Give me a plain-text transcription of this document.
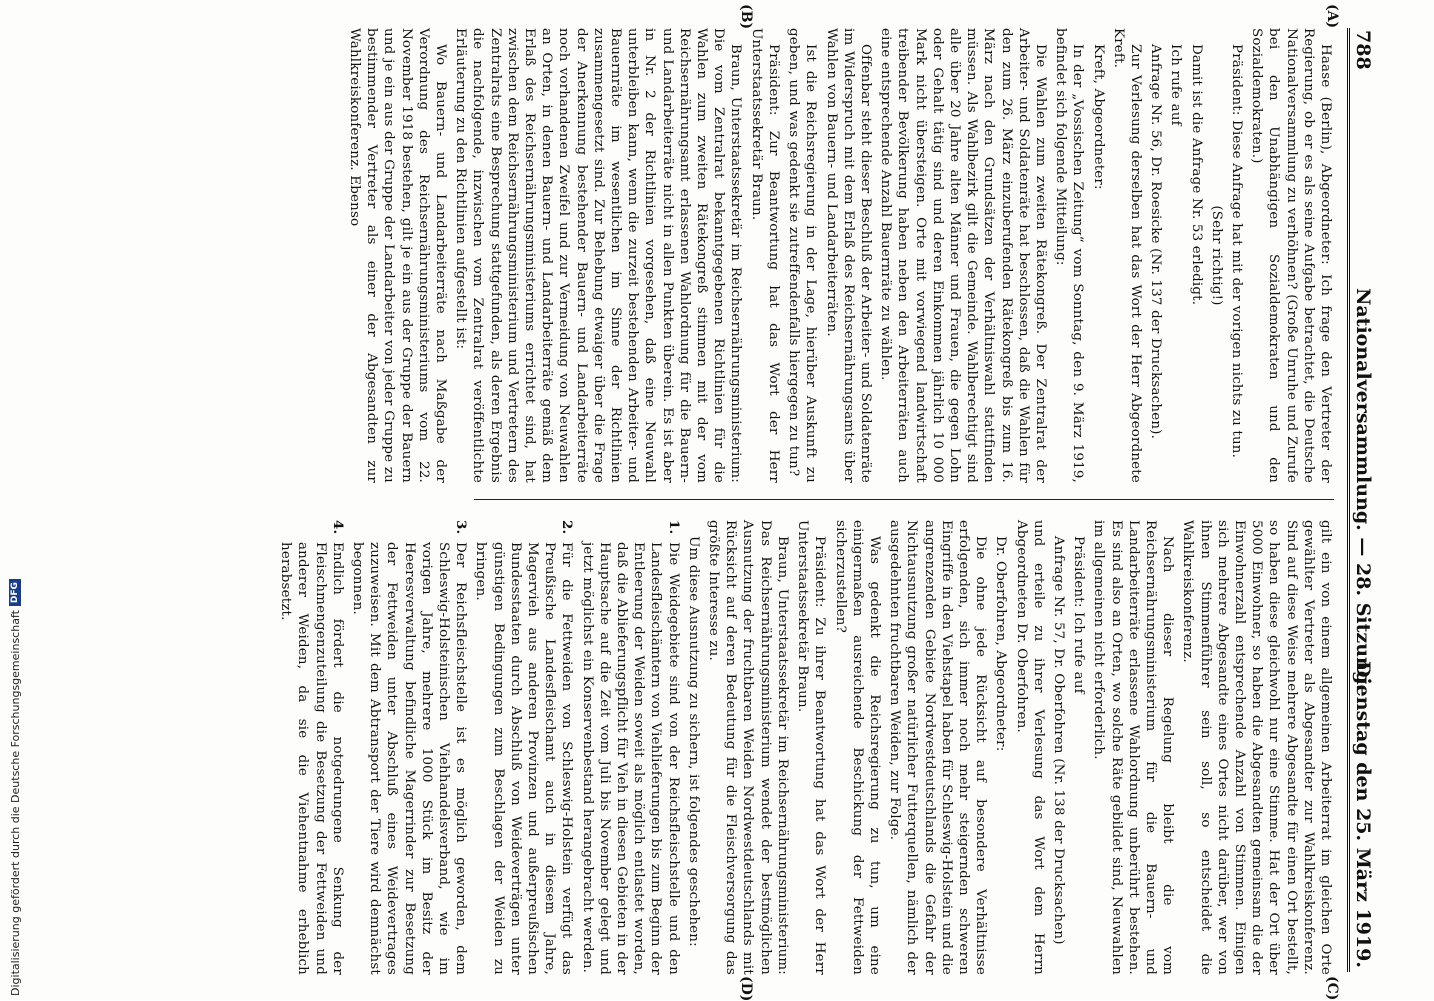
788
Nationalversammlung. — 28. Sitzung.
Dienstag den 25. März 1919.
(A)
(B)
(C)
(D)

Haase (Berlin), Abgeordneter: Ich frage den Vertreter der Regierung, ob er es als seine Aufgabe betrachtet, die Deutsche Nationalversammlung zu verhöhnen? (Große Unruhe und Zurufe bei den Unabhängigen Sozialdemokraten und den Sozialdemokraten.)

Präsident: Diese Anfrage hat mit der vorigen nichts zu tun.

(Sehr richtig!)

Damit ist die Anfrage Nr. 53 erledigt.

Ich rufe auf

Anfrage Nr. 56, Dr. Roesicke (Nr. 137 der Drucksachen).

Zur Verlesung derselben hat das Wort der Herr Abgeordnete Kreft.

Kreft, Abgeordneter:

In der „Vossischen Zeitung“ vom Sonntag, den 9. März 1919, befindet sich folgende Mitteilung:

Die Wahlen zum zweiten Rätekongreß. Der Zentralrat der Arbeiter- und Soldatenräte hat beschlossen, daß die Wahlen für den zum 26. März einzuberufenden Rätekongreß bis zum 16. März nach den Grundsätzen der Verhältniswahl stattfinden müssen. Als Wahlbezirk gilt die Gemeinde. Wahlberechtigt sind alle über 20 Jahre alten Männer und Frauen, die gegen Lohn oder Gehalt tätig sind und deren Einkommen jährlich 10 000 Mark nicht übersteigen. Orte mit vorwiegend landwirtschaft treibender Bevölkerung haben neben den Arbeiterräten auch eine entsprechende Anzahl Bauernräte zu wählen.

Offenbar steht dieser Beschluß der Arbeiter- und Soldatenräte im Widerspruch mit dem Erlaß des Reichsernährungsamts über Wahlen von Bauern- und Landarbeiterräten.

Ist die Reichsregierung in der Lage, hierüber Auskunft zu geben, und was gedenkt sie zutreffendenfalls hiergegen zu tun?

Präsident: Zur Beantwortung hat das Wort der Herr Unterstaatssekretär Braun.

Braun, Unterstaatssekretär im Reichsernährungsministerium: Die vom Zentralrat bekanntgegebenen Richtlinien für die Wahlen zum zweiten Rätekongreß stimmen mit der vom Reichsernährungsamt erlassenen Wahlordnung für die Bauern- und Landarbeiterräte nicht in allen Punkten überein. Es ist aber in Nr. 2 der Richtlinien vorgesehen, daß eine Neuwahl unterbleiben kann, wenn die zurzeit bestehenden Arbeiter- und Bauernräte im wesentlichen im Sinne der Richtlinien zusammengesetzt sind. Zur Behebung etwaiger über die Frage der Anerkennung bestehender Bauern- und Landarbeiterräte noch vorhandenen Zweifel und zur Vermeidung von Neuwahlen an Orten, in denen Bauern- und Landarbeiterräte gemäß dem Erlaß des Reichsernährungsministeriums errichtet sind, hat zwischen dem Reichsernährungsministerium und Vertretern des Zentralrats eine Besprechung stattgefunden, als deren Ergebnis die nachfolgende, inzwischen vom Zentralrat veröffentlichte Erläuterung zu den Richtlinien aufgestellt ist:

Wo Bauern- und Landarbeiterräte nach Maßgabe der Verordnung des Reichsernährungsministeriums vom 22. November 1918 bestehen, gilt je ein aus der Gruppe der Bauern und je ein aus der Gruppe der Landarbeiter von jeder Gruppe zu bestimmender Vertreter als einer der Abgesandten zur Wahlkreiskonferenz. Ebenso

gilt ein von einem allgemeinen Arbeiterrat im gleichen Orte gewählter Vertreter als Abgesandter zur Wahlkreiskonferenz. Sind auf diese Weise mehrere Abgesandte für einen Ort bestellt, so haben diese gleichwohl nur eine Stimme. Hat der Ort über 5000 Einwohner, so haben die Abgesandten gemeinsam die der Einwohnerzahl entsprechende Anzahl von Stimmen. Einigen sich mehrere Abgesandte eines Ortes nicht darüber, wer von ihnen Stimmenführer sein soll, so entscheidet die Wahlkreiskonferenz.

Nach dieser Regelung bleibt die vom Reichsernährungsministerium für die Bauern- und Landarbeiterräte erlassene Wahlordnung unberührt bestehen. Es sind also an Orten, wo solche Räte gebildet sind, Neuwahlen im allgemeinen nicht erforderlich.

Präsident: Ich rufe auf

Anfrage Nr. 57, Dr. Oberfohren (Nr. 138 der Drucksachen)

und erteile zu ihrer Verlesung das Wort dem Herrn Abgeordneten Dr. Oberfohren.

Dr. Oberfohren, Abgeordneter:

Die ohne jede Rücksicht auf besondere Verhältnisse erfolgenden, sich immer noch mehr steigernden schweren Eingriffe in den Viehstapel haben für Schleswig-Holstein und die angrenzenden Gebiete Nordwestdeutschlands die Gefahr der Nichtausnutzung großer natürlicher Futterquellen, nämlich der ausgedehnten fruchtbaren Weiden, zur Folge.

Was gedenkt die Reichsregierung zu tun, um eine einigermaßen ausreichende Beschickung der Fettweiden sicherzustellen?

Präsident: Zu ihrer Beantwortung hat das Wort der Herr Unterstaatssekretär Braun.

Braun, Unterstaatssekretär im Reichsernährungsministerium: Das Reichsernährungsministerium wendet der bestmöglichen Ausnutzung der fruchtbaren Weiden Nordwestdeutschlands mit Rücksicht auf deren Bedeutung für die Fleischversorgung das größte Interesse zu.

Um diese Ausnutzung zu sichern, ist folgendes geschehen:

1.
Die Weidegebiete sind von der Reichsfleischstelle und den Landesfleischämtern von Viehlieferungen bis zum Beginn der Entleerung der Weiden soweit als möglich entlastet worden, daß die Ablieferungspflicht für Vieh in diesen Gebieten in der Hauptsache auf die Zeit vom Juli bis November gelegt und jetzt möglichst ein Konservenbestand herangebracht werden.
2.
Für die Fettweiden von Schleswig-Holstein verfügt das Preußische Landesfleischamt auch in diesem Jahre, Magervieh aus anderen Provinzen und außerpreußischen Bundesstaaten durch Abschluß von Weideverträgen unter günstigen Bedingungen zum Beschlagen der Weiden zu bringen.
3.
Der Reichsfleischstelle ist es möglich geworden, dem Schleswig-Holsteinischen Viehhandelsverband, wie im vorigen Jahre, mehrere 1000 Stück im Besitz der Heeresverwaltung befindliche Magerrinder zur Besetzung der Fettweiden unter Abschluß eines Weidevertrages zuzuweisen. Mit dem Abtransport der Tiere wird demnächst begonnen.
4.
Endlich fördert die notgedrungene Senkung der Fleischmengenzuteilung die Besetzung der Fettweiden und anderer Weiden, da sie die Viehentnahme erheblich herabsetzt.
Digitalisierung gefördert durch die Deutsche Forschungsgemeinschaft
DFG
